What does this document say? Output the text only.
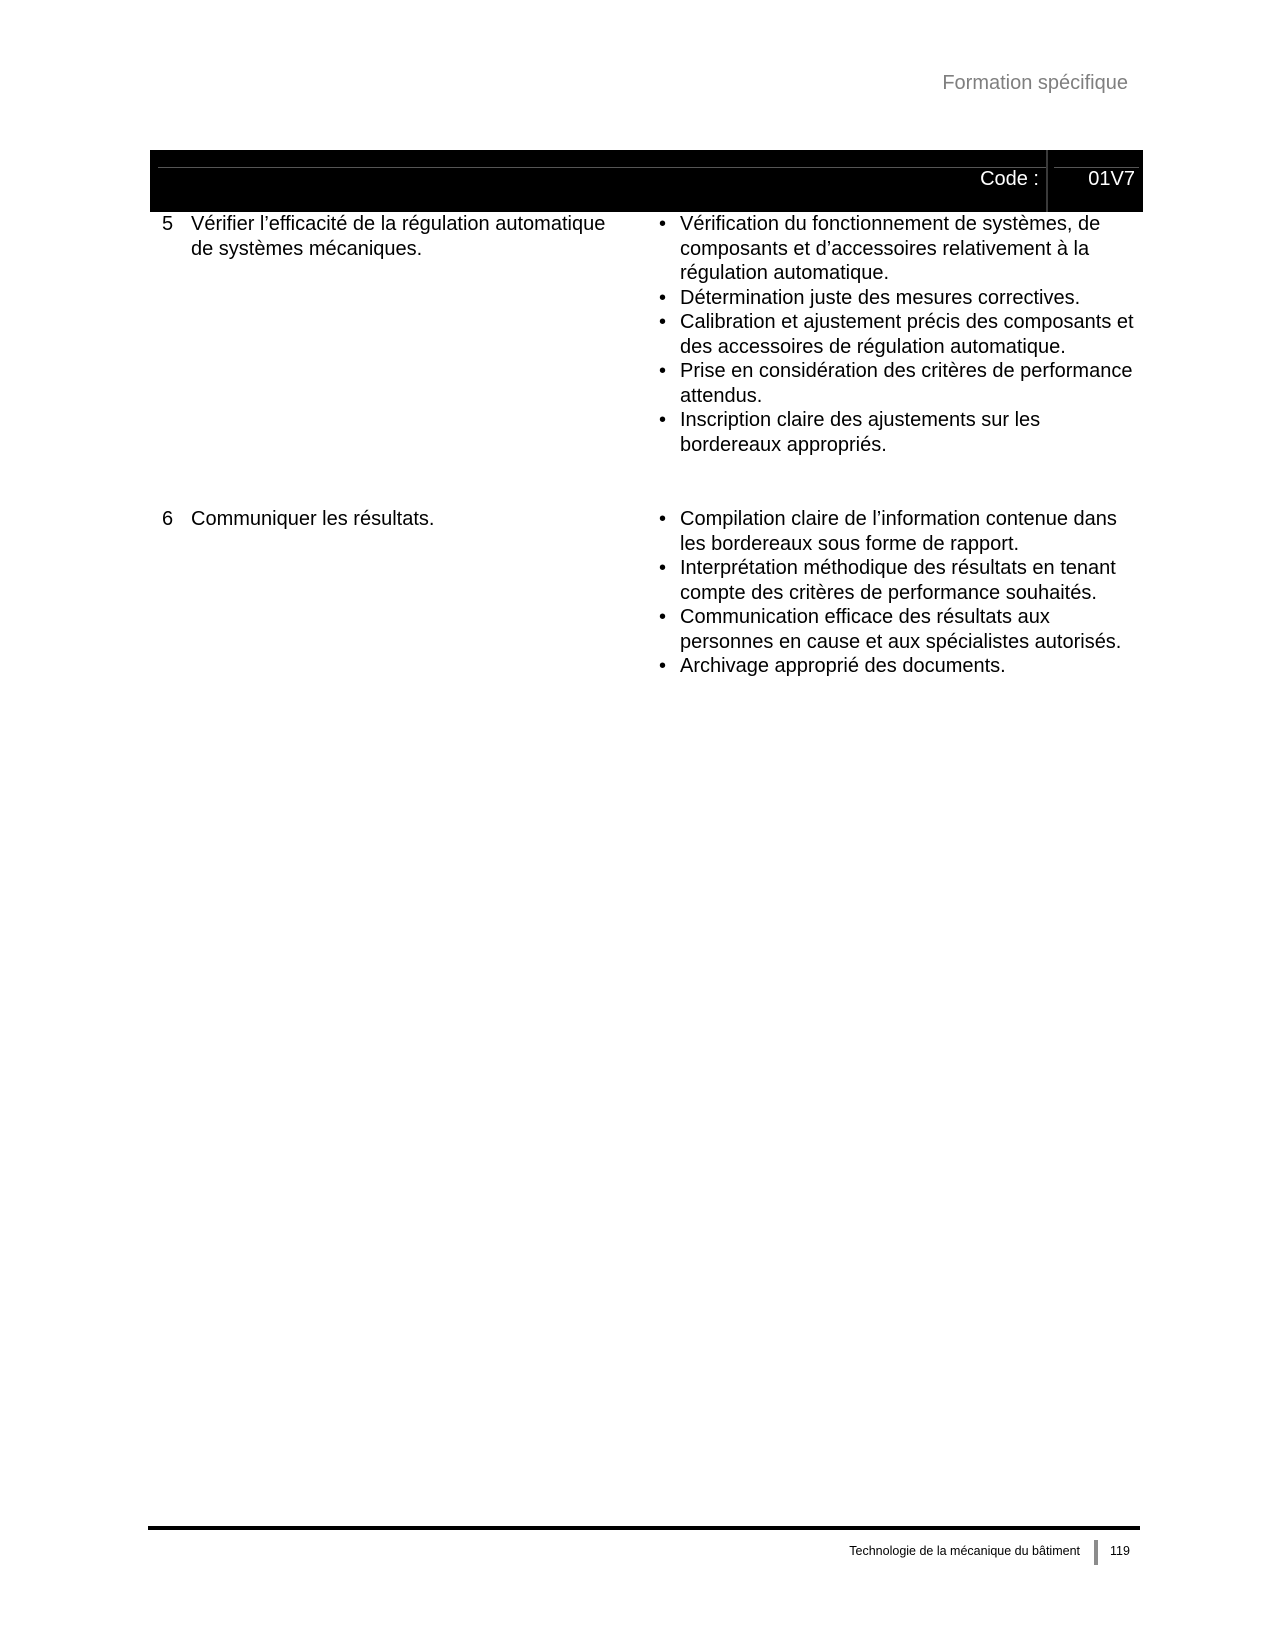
Formation spécifique
Code : 01V7
5 Vérifier l’efficacité de la régulation automatique de systèmes mécaniques.
• Vérification du fonctionnement de systèmes, de composants et d’accessoires relativement à la régulation automatique.
• Détermination juste des mesures correctives.
• Calibration et ajustement précis des composants et des accessoires de régulation automatique.
• Prise en considération des critères de performance attendus.
• Inscription claire des ajustements sur les bordereaux appropriés.
6 Communiquer les résultats.	• Compilation claire de l’information contenue dans les bordereaux sous forme de rapport.
• Interprétation méthodique des résultats en tenant compte des critères de performance souhaités.
• Communication efficace des résultats aux personnes en cause et aux spécialistes autorisés.
• Archivage approprié des documents.
Technologie de la mécanique du bâtiment 119
